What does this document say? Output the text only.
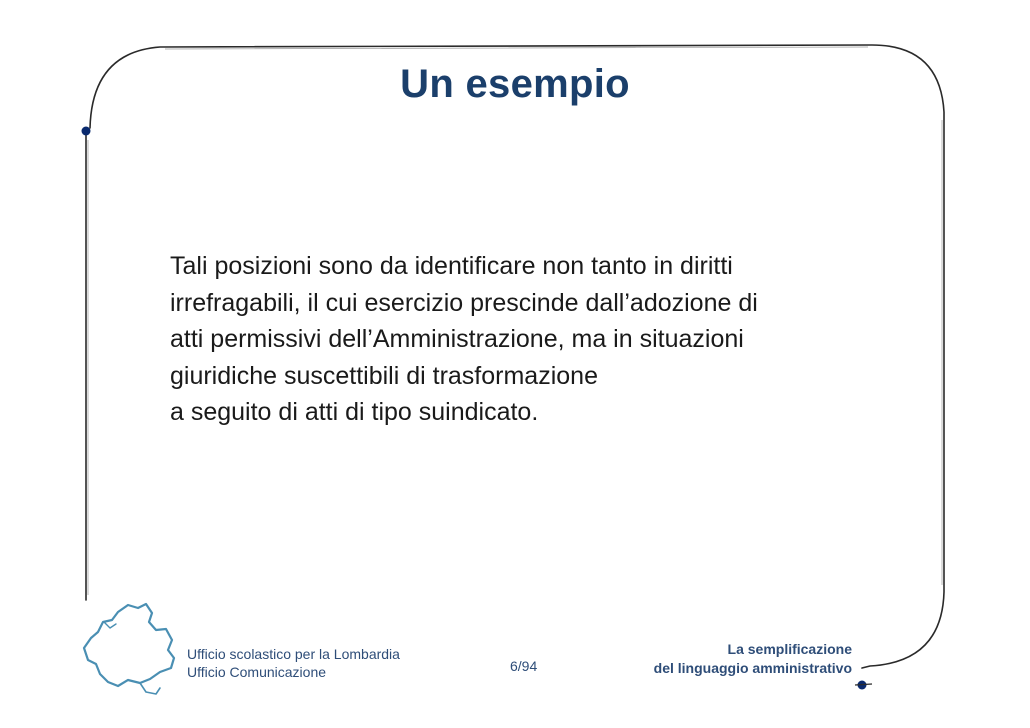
Un esempio
Tali posizioni sono da identificare non tanto in diritti
irrefragabili, il cui esercizio prescinde dall’adozione di
atti permissivi dell’Amministrazione, ma in situazioni
giuridiche suscettibili di trasformazione
a seguito di atti di tipo suindicato.
Ufficio scolastico per la Lombardia
Ufficio Comunicazione	6/94
La semplificazione
del linguaggio amministrativo
